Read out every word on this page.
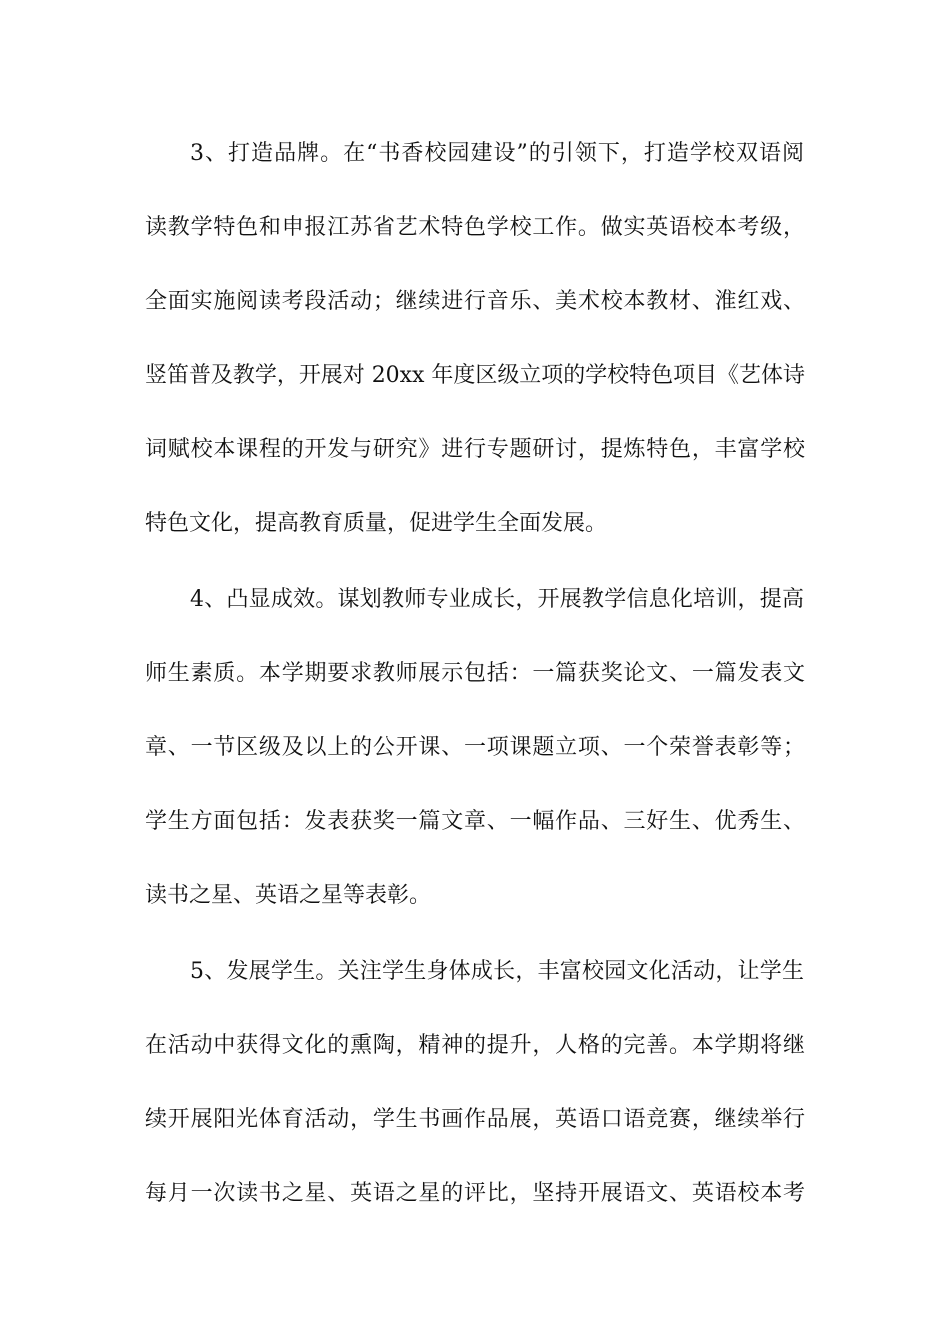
3、打造品牌。在“书香校园建设”的引领下，打造学校双语阅
读教学特色和申报江苏省艺术特色学校工作。做实英语校本考级，
全面实施阅读考段活动；继续进行音乐、美术校本教材、淮红戏、
竖笛普及教学，开展对 20xx 年度区级立项的学校特色项目《艺体诗
词赋校本课程的开发与研究》进行专题研讨，提炼特色，丰富学校
特色文化，提高教育质量，促进学生全面发展。
4、凸显成效。谋划教师专业成长，开展教学信息化培训，提高
师生素质。本学期要求教师展示包括：一篇获奖论文、一篇发表文
章、一节区级及以上的公开课、一项课题立项、一个荣誉表彰等；
学生方面包括：发表获奖一篇文章、一幅作品、三好生、优秀生、
读书之星、英语之星等表彰。
5、发展学生。关注学生身体成长，丰富校园文化活动，让学生
在活动中获得文化的熏陶，精神的提升，人格的完善。本学期将继
续开展阳光体育活动，学生书画作品展，英语口语竞赛，继续举行
每月一次读书之星、英语之星的评比，坚持开展语文、英语校本考
